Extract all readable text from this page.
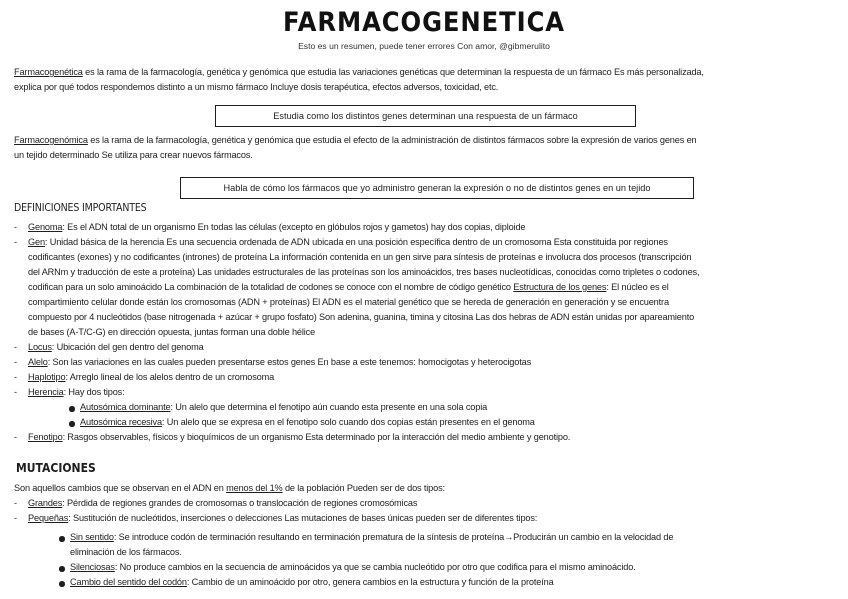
FARMACOGENETICA
Esto es un resumen, puede tener errores Con amor, @gibmerulito
Farmacogenética es la rama de la farmacología, genética y genómica que estudia las variaciones genéticas que determinan la respuesta de un fármaco Es más personalizada,
explica por qué todos respondemos distinto a un mismo fármaco Incluye dosis terapéutica, efectos adversos, toxicidad, etc.
Estudia como los distintos genes determinan una respuesta de un fármaco
Farmacogenómica es la rama de la farmacología, genética y genómica que estudia el efecto de la administración de distintos fármacos sobre la expresión de varios genes en
un tejido determinado Se utiliza para crear nuevos fármacos.
Habla de cómo los fármacos que yo administro generan la expresión o no de distintos genes en un tejido
DEFINICIONES IMPORTANTES
- Genoma: Es el ADN total de un organismo En todas las células (excepto en glóbulos rojos y gametos) hay dos copias, diploide
- Gen: Unidad básica de la herencia Es una secuencia ordenada de ADN ubicada en una posición específica dentro de un cromosoma Esta constituida por regiones
codificantes (exones) y no codificantes (intrones) de proteína La información contenida en un gen sirve para síntesis de proteínas e involucra dos procesos (transcripción
del ARNm y traducción de este a proteína) Las unidades estructurales de las proteínas son los aminoácidos, tres bases nucleotídicas, conocidas como tripletes o codones,
codifican para un solo aminoácido La combinación de la totalidad de codones se conoce con el nombre de código genético Estructura de los genes: El núcleo es el
compartimiento celular donde están los cromosomas (ADN + proteínas) El ADN es el material genético que se hereda de generación en generación y se encuentra
compuesto por 4 nucleótidos (base nitrogenada + azúcar + grupo fosfato) Son adenina, guanina, timina y citosina Las dos hebras de ADN están unidas por apareamiento
de bases (A-T/C-G) en dirección opuesta, juntas forman una doble hélice
- Locus: Ubicación del gen dentro del genoma
- Alelo: Son las variaciones en las cuales pueden presentarse estos genes En base a este tenemos: homocigotas y heterocigotas
- Haplotipo: Arreglo lineal de los alelos dentro de un cromosoma
- Herencia: Hay dos tipos:
Autosómica dominante: Un alelo que determina el fenotipo aún cuando esta presente en una sola copia
Autosómica recesiva: Un alelo que se expresa en el fenotipo solo cuando dos copias están presentes en el genoma
- Fenotipo: Rasgos observables, físicos y bioquímicos de un organismo Esta determinado por la interacción del medio ambiente y genotipo.
MUTACIONES
Son aquellos cambios que se observan en el ADN en menos del 1% de la población Pueden ser de dos tipos:
- Grandes: Pérdida de regiones grandes de cromosomas o translocación de regiones cromosómicas
- Pequeñas: Sustitución de nucleótidos, inserciones o delecciones Las mutaciones de bases únicas pueden ser de diferentes tipos:
Sin sentido: Se introduce codón de terminación resultando en terminación prematura de la síntesis de proteína→Producirán un cambio en la velocidad de
eliminación de los fármacos.
Silenciosas: No produce cambios en la secuencia de aminoácidos ya que se cambia nucleótido por otro que codifica para el mismo aminoácido.
Cambio del sentido del codón: Cambio de un aminoácido por otro, genera cambios en la estructura y función de la proteína
